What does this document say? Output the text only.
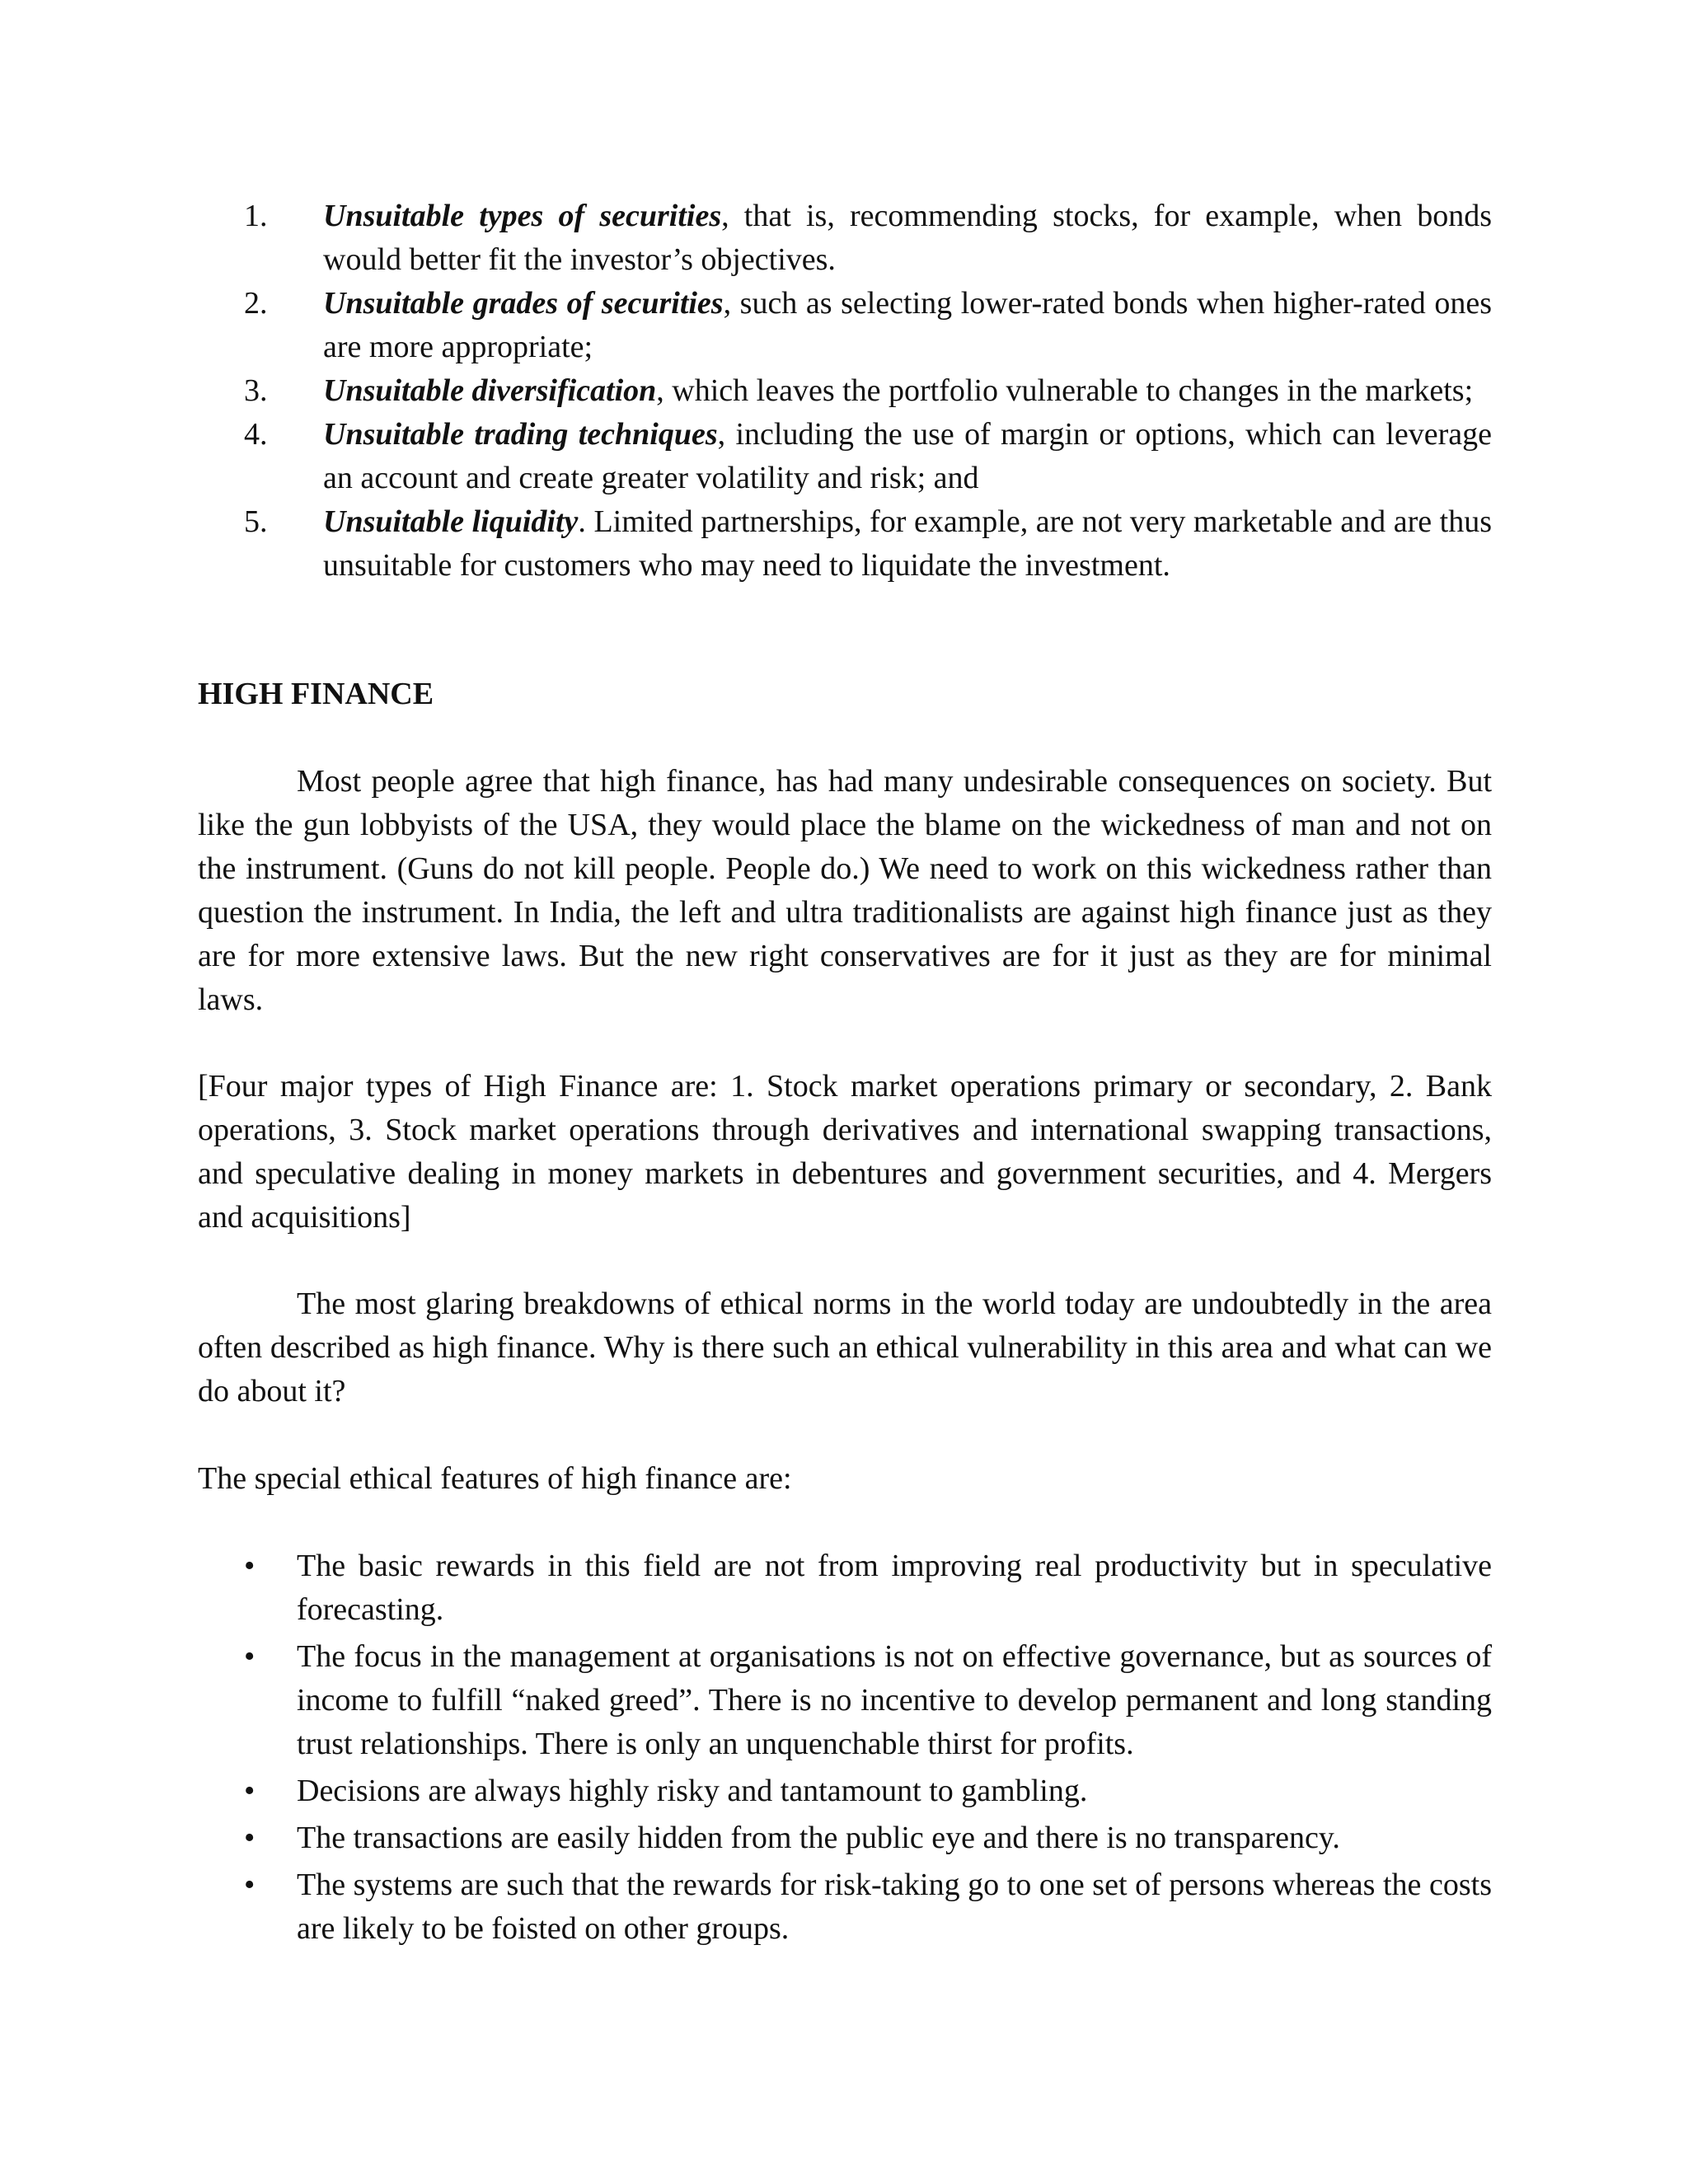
1. Unsuitable types of securities, that is, recommending stocks, for example, when bonds would better fit the investor’s objectives.
2. Unsuitable grades of securities, such as selecting lower-rated bonds when higher-rated ones are more appropriate;
3. Unsuitable diversification, which leaves the portfolio vulnerable to changes in the markets;
4. Unsuitable trading techniques, including the use of margin or options, which can leverage an account and create greater volatility and risk; and
5. Unsuitable liquidity. Limited partnerships, for example, are not very marketable and are thus unsuitable for customers who may need to liquidate the investment.
HIGH FINANCE

Most people agree that high finance, has had many undesirable consequences on society. But like the gun lobbyists of the USA, they would place the blame on the wickedness of man and not on the instrument. (Guns do not kill people. People do.) We need to work on this wickedness rather than question the instrument. In India, the left and ultra traditionalists are against high finance just as they are for more extensive laws. But the new right conservatives are for it just as they are for minimal laws.

[Four major types of High Finance are: 1. Stock market operations primary or secondary, 2. Bank operations, 3. Stock market operations through derivatives and international swapping transactions, and speculative dealing in money markets in debentures and government securities, and 4. Mergers and acquisitions]

The most glaring breakdowns of ethical norms in the world today are undoubtedly in the area often described as high finance. Why is there such an ethical vulnerability in this area and what can we do about it?

The special ethical features of high finance are:

• The basic rewards in this field are not from improving real productivity but in speculative forecasting.
• The focus in the management at organisations is not on effective governance, but as sources of income to fulfill “naked greed”. There is no incentive to develop permanent and long standing trust relationships. There is only an unquenchable thirst for profits.
• Decisions are always highly risky and tantamount to gambling.
• The transactions are easily hidden from the public eye and there is no transparency.
• The systems are such that the rewards for risk-taking go to one set of persons whereas the costs are likely to be foisted on other groups.
